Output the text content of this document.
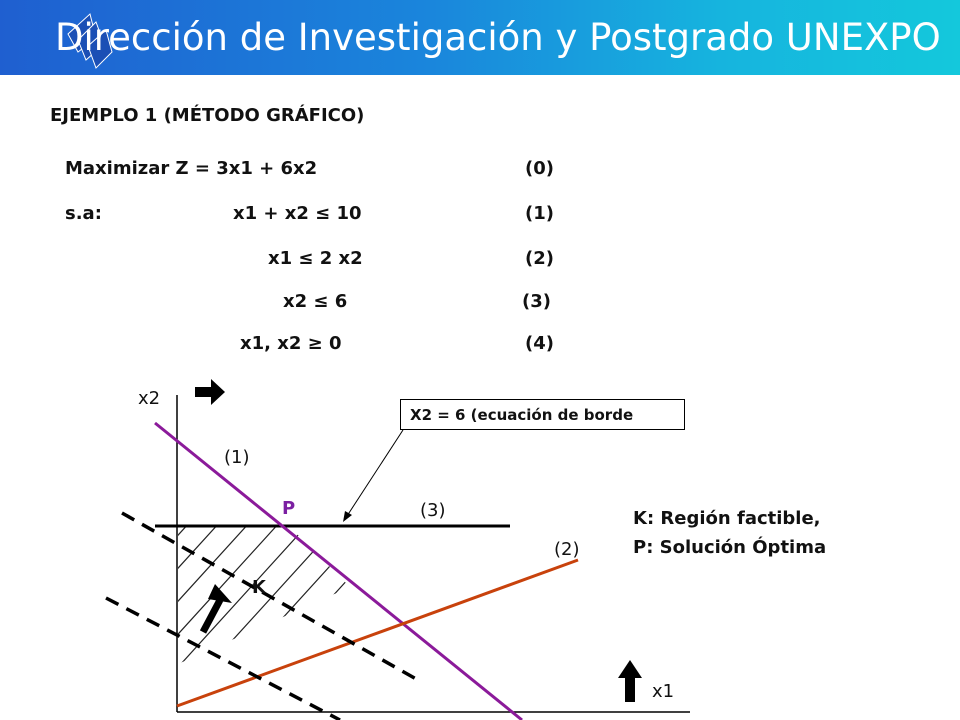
Dirección de Investigación y Postgrado UNEXPO
EJEMPLO 1 (MÉTODO GRÁFICO)
Maximizar Z = 3x1 + 6x2	(0)
s.a:	x1 + x2 ≤ 10	(1)
x1 ≤ 2 x2	(2)
x2 ≤ 6	(3)
x1, x2 ≥ 0	(4)
x2
x1
(1)
(3)
(2)
P
K
X2 = 6 (ecuación de borde
K: Región factible,
P: Solución Óptima
